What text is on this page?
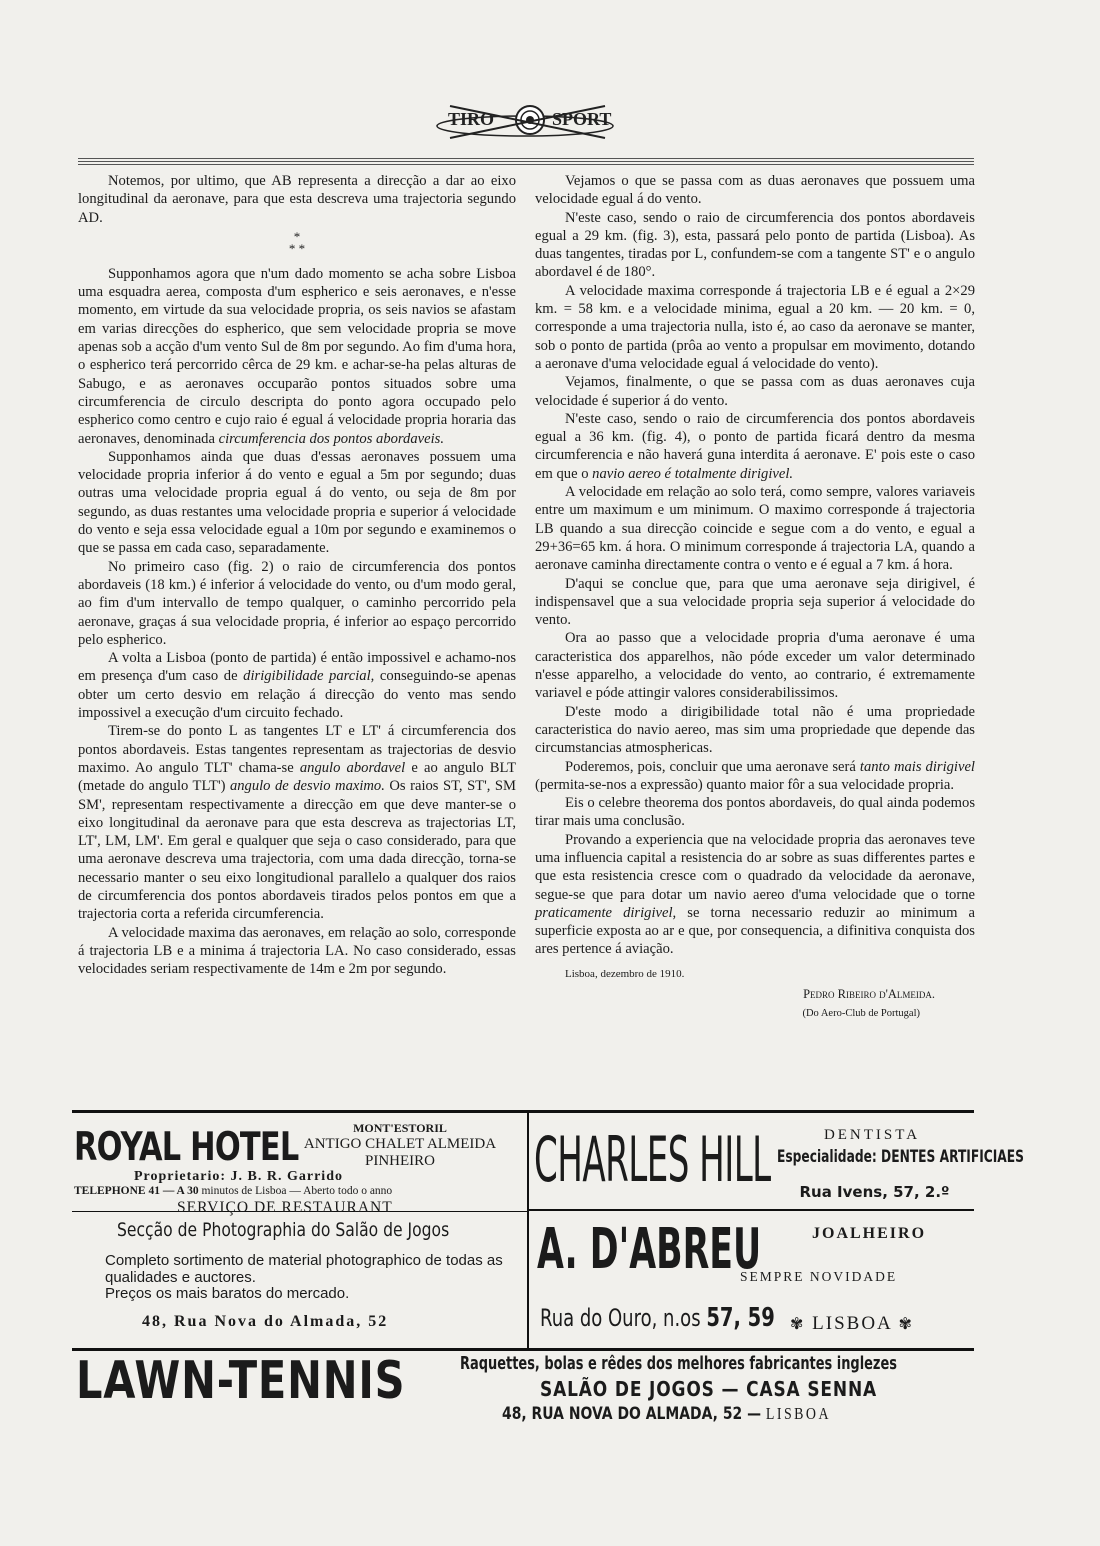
TIRO	SPORT

Notemos, por ultimo, que AB representa a direcção a dar ao eixo longitudinal da aeronave, para que esta descreva uma trajectoria segundo AD.

*
* *

Supponhamos agora que n'um dado momento se acha sobre Lisboa uma esquadra aerea, composta d'um espherico e seis aeronaves, e n'esse momento, em virtude da sua velocidade propria, os seis navios se afastam em varias direcções do espherico, que sem velocidade propria se move apenas sob a acção d'um vento Sul de 8m por segundo. Ao fim d'uma hora, o espherico terá percorrido cêrca de 29 km. e achar-se-ha pelas alturas de Sabugo, e as aeronaves occuparão pontos situados sobre uma circumferencia de circulo descripta do ponto agora occupado pelo espherico como centro e cujo raio é egual á velocidade propria horaria das aeronaves, denominada circumferencia dos pontos abordaveis.

Supponhamos ainda que duas d'essas aeronaves possuem uma velocidade propria inferior á do vento e egual a 5m por segundo; duas outras uma velocidade propria egual á do vento, ou seja de 8m por segundo, as duas restantes uma velocidade propria e superior á velocidade do vento e seja essa velocidade egual a 10m por segundo e examinemos o que se passa em cada caso, separadamente.

No primeiro caso (fig. 2) o raio de circumferencia dos pontos abordaveis (18 km.) é inferior á velocidade do vento, ou d'um modo geral, ao fim d'um intervallo de tempo qualquer, o caminho percorrido pela aeronave, graças á sua velocidade propria, é inferior ao espaço percorrido pelo espherico.

A volta a Lisboa (ponto de partida) é então impossivel e achamo-nos em presença d'um caso de dirigibilidade parcial, conseguindo-se apenas obter um certo desvio em relação á direcção do vento mas sendo impossivel a execução d'um circuito fechado.

Tirem-se do ponto L as tangentes LT e LT' á circumferencia dos pontos abordaveis. Estas tangentes representam as trajectorias de desvio maximo. Ao angulo TLT' chama-se angulo abordavel e ao angulo BLT (metade do angulo TLT') angulo de desvio maximo. Os raios ST, ST', SM SM', representam respectivamente a direcção em que deve manter-se o eixo longitudinal da aeronave para que esta descreva as trajectorias LT, LT', LM, LM'. Em geral e qualquer que seja o caso considerado, para que uma aeronave descreva uma trajectoria, com uma dada direcção, torna-se necessario manter o seu eixo longitudional parallelo a qualquer dos raios de circumferencia dos pontos abordaveis tirados pelos pontos em que a trajectoria corta a referida circumferencia.

A velocidade maxima das aeronaves, em relação ao solo, corresponde á trajectoria LB e a minima á trajectoria LA. No caso considerado, essas velocidades seriam respectivamente de 14m e 2m por segundo.

Vejamos o que se passa com as duas aeronaves que possuem uma velocidade egual á do vento.

N'este caso, sendo o raio de circumferencia dos pontos abordaveis egual a 29 km. (fig. 3), esta, passará pelo ponto de partida (Lisboa). As duas tangentes, tiradas por L, confundem-se com a tangente ST' e o angulo abordavel é de 180°.

A velocidade maxima corresponde á trajectoria LB e é egual a 2×29 km. = 58 km. e a velocidade minima, egual a 20 km. — 20 km. = 0, corresponde a uma trajectoria nulla, isto é, ao caso da aeronave se manter, sob o ponto de partida (prôa ao vento a propulsar em movimento, dotando a aeronave d'uma velocidade egual á velocidade do vento).

Vejamos, finalmente, o que se passa com as duas aeronaves cuja velocidade é superior á do vento.

N'este caso, sendo o raio de circumferencia dos pontos abordaveis egual a 36 km. (fig. 4), o ponto de partida ficará dentro da mesma circumferencia e não haverá guna interdita á aeronave. E' pois este o caso em que o navio aereo é totalmente dirigivel.

A velocidade em relação ao solo terá, como sempre, valores variaveis entre um maximum e um minimum. O maximo corresponde á trajectoria LB quando a sua direcção coincide e segue com a do vento, e egual a 29+36=65 km. á hora. O minimum corresponde á trajectoria LA, quando a aeronave caminha directamente contra o vento e é egual a 7 km. á hora.

D'aqui se conclue que, para que uma aeronave seja dirigivel, é indispensavel que a sua velocidade propria seja superior á velocidade do vento.

Ora ao passo que a velocidade propria d'uma aeronave é uma caracteristica dos apparelhos, não póde exceder um valor determinado n'esse apparelho, a velocidade do vento, ao contrario, é extremamente variavel e póde attingir valores considerabilissimos.

D'este modo a dirigibilidade total não é uma propriedade caracteristica do navio aereo, mas sim uma propriedade que depende das circumstancias atmosphericas.

Poderemos, pois, concluir que uma aeronave será tanto mais dirigivel (permita-se-nos a expressão) quanto maior fôr a sua velocidade propria.

Eis o celebre theorema dos pontos abordaveis, do qual ainda podemos tirar mais uma conclusão.

Provando a experiencia que na velocidade propria das aeronaves teve uma influencia capital a resistencia do ar sobre as suas differentes partes e que esta resistencia cresce com o quadrado da velocidade da aeronave, segue-se que para dotar um navio aereo d'uma velocidade que o torne praticamente dirigivel, se torna necessario reduzir ao minimum a superficie exposta ao ar e que, por consequencia, a difinitiva conquista dos ares pertence á aviação.

Lisboa, dezembro de 1910.
Pedro Ribeiro d'Almeida.
(Do Aero-Club de Portugal)
ROYAL HOTEL	MONT'ESTORIL
ANTIGO CHALET ALMEIDA PINHEIRO
Proprietario: J. B. R. Garrido
TELEPHONE 41 — A 30 minutos de Lisboa — Aberto todo o anno
SERVIÇO DE RESTAURANT
Secção de Photographia do Salão de Jogos
Completo sortimento de material photographico de todas as qualidades e auctores.
Preços os mais baratos do mercado.
48, Rua Nova do Almada, 52
CHARLES HILL	DENTISTA
Especialidade: DENTES ARTIFICIAES
Rua Ivens, 57, 2.º
A. D'ABREU	JOALHEIRO
SEMPRE NOVIDADE
Rua do Ouro, n.os 57, 59 ✾ LISBOA ✾
LAWN-TENNIS	Raquettes, bolas e rêdes dos melhores fabricantes inglezes
SALÃO DE JOGOS — CASA SENNA
48, RUA NOVA DO ALMADA, 52 — LISBOA
